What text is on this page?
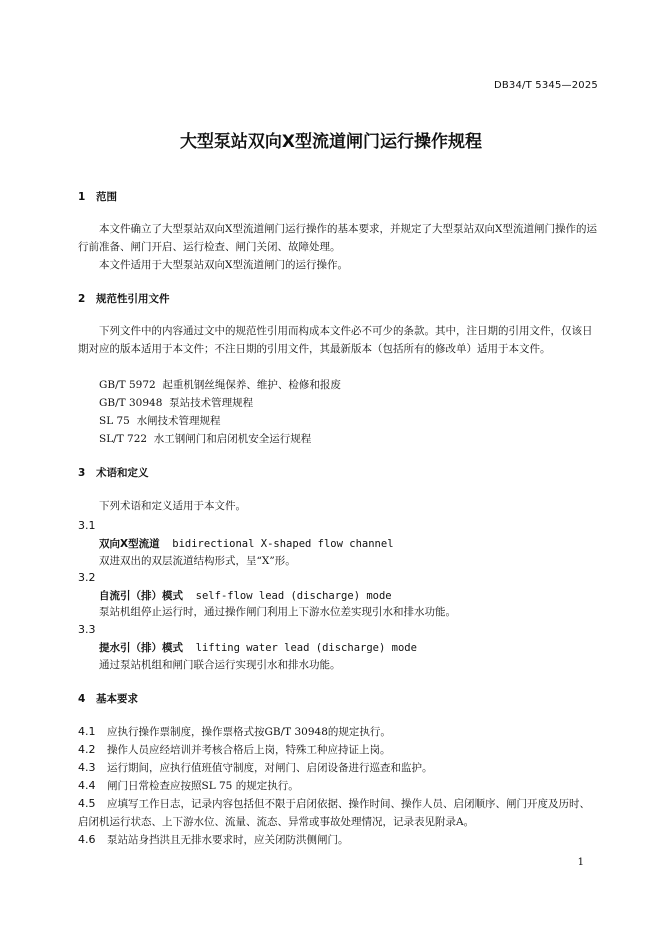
DB34/T 5345—2025
大型泵站双向X型流道闸门运行操作规程
1 范围
本文件确立了大型泵站双向X型流道闸门运行操作的基本要求，并规定了大型泵站双向X型流道闸门操作的运行前准备、闸门开启、运行检查、闸门关闭、故障处理。
本文件适用于大型泵站双向X型流道闸门的运行操作。
2 规范性引用文件
下列文件中的内容通过文中的规范性引用而构成本文件必不可少的条款。其中，注日期的引用文件，仅该日期对应的版本适用于本文件；不注日期的引用文件，其最新版本（包括所有的修改单）适用于本文件。
GB/T 5972 起重机钢丝绳保养、维护、检修和报废
GB/T 30948 泵站技术管理规程
SL 75 水闸技术管理规程
SL/T 722 水工钢闸门和启闭机安全运行规程
3 术语和定义
下列术语和定义适用于本文件。
3.1
双向X型流道 bidirectional X-shaped flow channel
双进双出的双层流道结构形式，呈“X”形。
3.2
自流引（排）模式 self-flow lead (discharge) mode
泵站机组停止运行时，通过操作闸门利用上下游水位差实现引水和排水功能。
3.3
提水引（排）模式 lifting water lead (discharge) mode
通过泵站机组和闸门联合运行实现引水和排水功能。
4 基本要求
4.1 应执行操作票制度，操作票格式按GB/T 30948的规定执行。
4.2 操作人员应经培训并考核合格后上岗，特殊工种应持证上岗。
4.3 运行期间，应执行值班值守制度，对闸门、启闭设备进行巡查和监护。
4.4 闸门日常检查应按照SL 75 的规定执行。
4.5 应填写工作日志，记录内容包括但不限于启闭依据、操作时间、操作人员、启闭顺序、闸门开度及历时、启闭机运行状态、上下游水位、流量、流态、异常或事故处理情况，记录表见附录A。
4.6 泵站站身挡洪且无排水要求时，应关闭防洪侧闸门。
1
